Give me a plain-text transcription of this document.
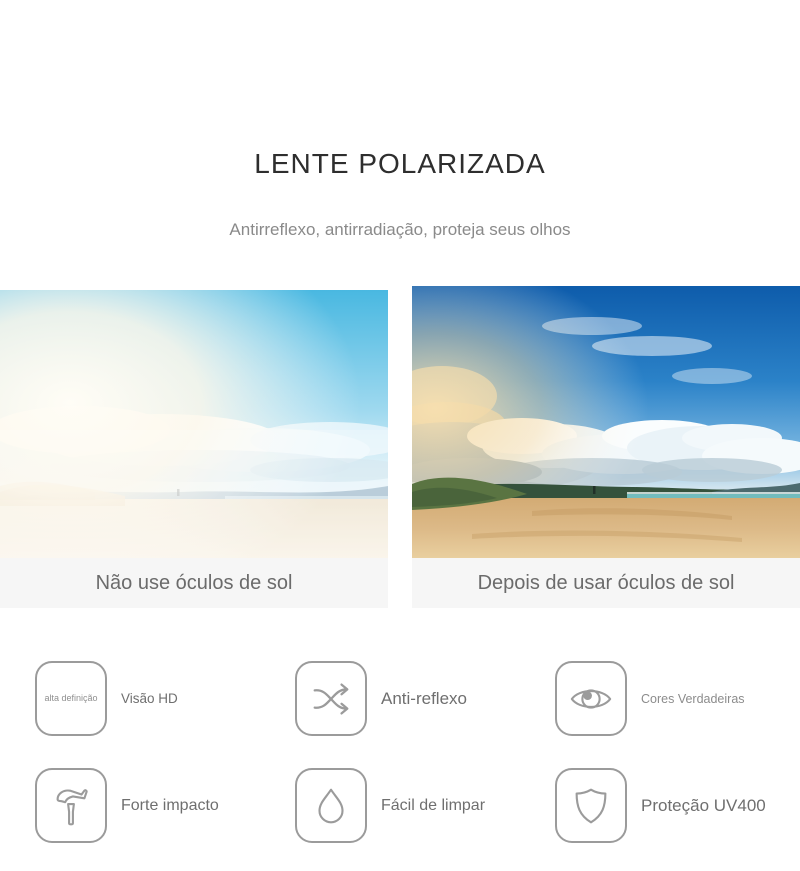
LENTE POLARIZADA
Antirreflexo, antirradiação, proteja seus olhos
Não use óculos de sol	Depois de usar óculos de sol
alta definição Visão HD	Anti-reflexo	Cores Verdadeiras
Forte impacto	Fácil de limpar	Proteção UV400
